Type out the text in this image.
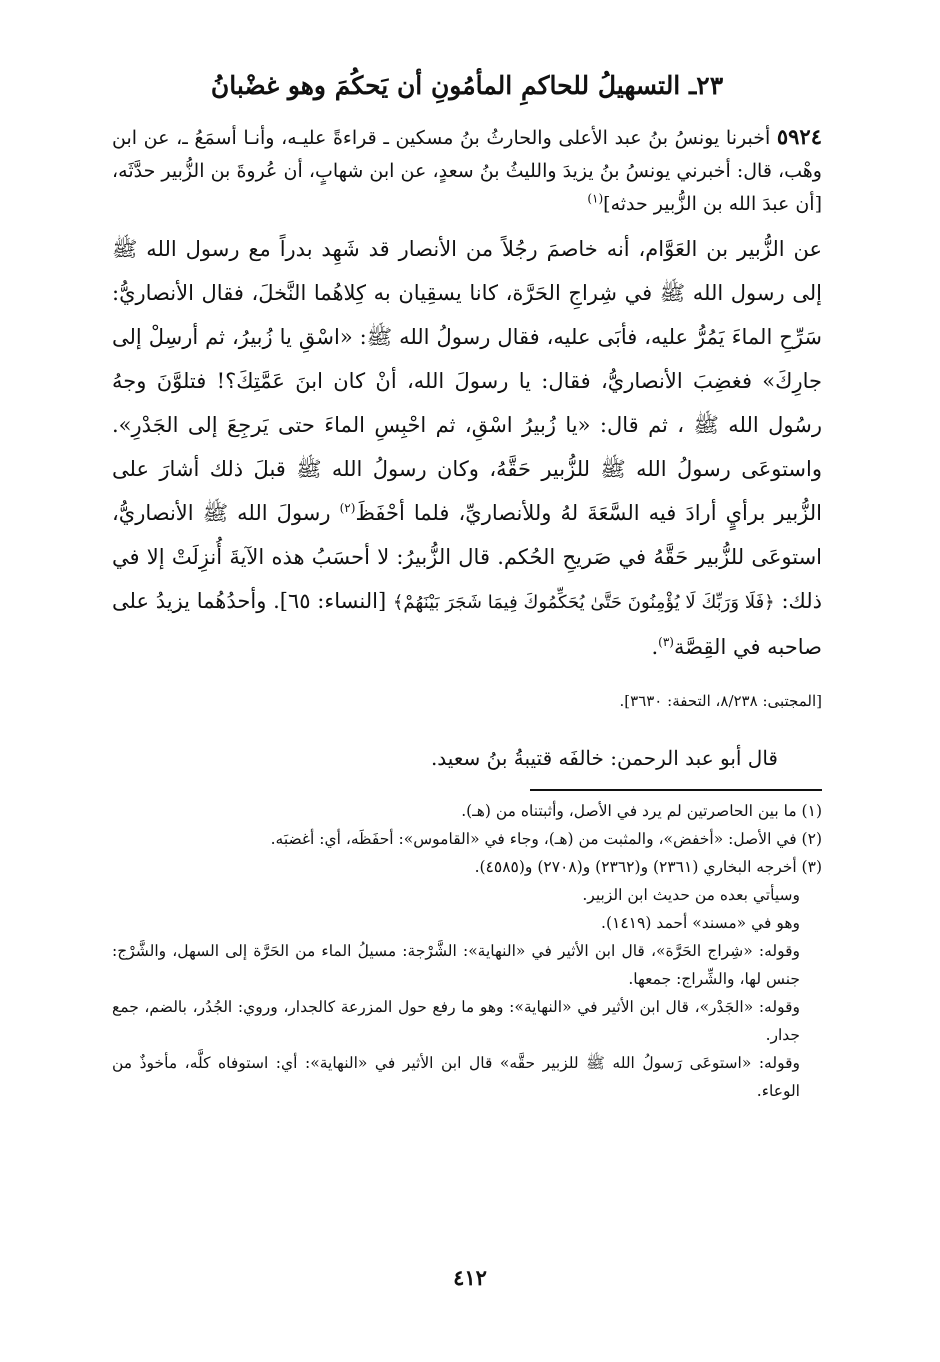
٢٣ـ التسهيلُ للحاكمِ المأمُونِ أن يَحكُمَ وهو غضْبانُ

٥٩٢٤ أخبرنا يونسُ بنُ عبد الأعلى والحارثُ بنُ مسكين ـ قراءةً عليـه، وأنـا أسمَعُ ـ، عن ابن وهْب، قال: أخبرني يونسُ بنُ يزيدَ والليثُ بنُ سعدٍ، عن ابن شهابٍ، أن عُروةَ بن الزُّبير حدَّثَه، [أن عبدَ الله بن الزُّبير حدثه]$^{(١)}$

عن الزُّبير بن العَوَّام، أنه خاصمَ رجُلاً من الأنصار قد شَهِد بدراً مع رسول الله ﷺ إلى رسول الله ﷺ في شِراجِ الحَرَّة، كانا يسقِيان به كِلاهُما النَّخلَ، فقال الأنصاريُّ: سَرِّحِ الماءَ يَمُرُّ عليه، فأبَى عليه، فقال رسولُ الله ﷺ: «اسْقِ يا زُبيرُ، ثم أرسِلْ إلى جارِكَ» فغضِبَ الأنصاريُّ، فقال: يا رسولَ الله، أنْ كان ابنَ عَمَّتِكَ؟! فتلوَّنَ وجهُ رسُول الله ﷺ ، ثم قال: «يا زُبيرُ اسْقِ، ثم احْبِسِ الماءَ حتى يَرجِعَ إلى الجَدْرِ». واستوعَى رسولُ الله ﷺ للزُّبير حَقَّهُ، وكان رسولُ الله ﷺ قبلَ ذلك أشارَ على الزُّبير برأيٍ أرادَ فيه السَّعَةَ لهُ وللأنصاريِّ، فلما أحْفَظَ$^{(٢)}$ رسولَ الله ﷺ الأنصاريُّ، استوعَى للزُّبير حَقَّهُ في صَريحِ الحُكم. قال الزُّبيرُ: لا أحسَبُ هذه الآيةَ أُنزِلَتْ إلا في ذلك: ﴿فَلَا وَرَبِّكَ لَا يُؤْمِنُونَ حَتَّىٰ يُحَكِّمُوكَ فِيمَا شَجَرَ بَيْنَهُمْ﴾ [النساء: ٦٥]. وأحدُهُما يزيدُ على صاحبه في القِصَّة$^{(٣)}$.

[المجتبى: ٨/٢٣٨، التحفة: ٣٦٣٠].

قال أبو عبد الرحمن: خالفَه قتيبةُ بنُ سعيد.

(١) ما بين الحاصرتين لم يرد في الأصل، وأثبتناه من (هـ).

(٢) في الأصل: «أخفض»، والمثبت من (هـ)، وجاء في «القاموس»: أحفَظَه، أي: أغضبَه.

(٣) أخرجه البخاري (٢٣٦١) و(٢٣٦٢) و(٢٧٠٨) و(٤٥٨٥).

وسيأتي بعده من حديث ابن الزبير.

وهو في «مسند» أحمد (١٤١٩).

وقوله: «شِراج الحَرَّة»، قال ابن الأثير في «النهاية»: الشَّرْجة: مسيلُ الماء من الحَرَّة إلى السهل، والشَّرْج: جنس لها، والشِّراج: جمعها.

وقوله: «الجَدْر»، قال ابن الأثير في «النهاية»: وهو ما رفع حول المزرعة كالجدار، وروي: الجُدُر، بالضم، جمع جدار.

وقوله: «استوعَى رَسولُ الله ﷺ للزبير حقَّه» قال ابن الأثير في «النهاية»: أي: استوفاه كلَّه، مأخوذٌ من الوعاء.

٤١٢
